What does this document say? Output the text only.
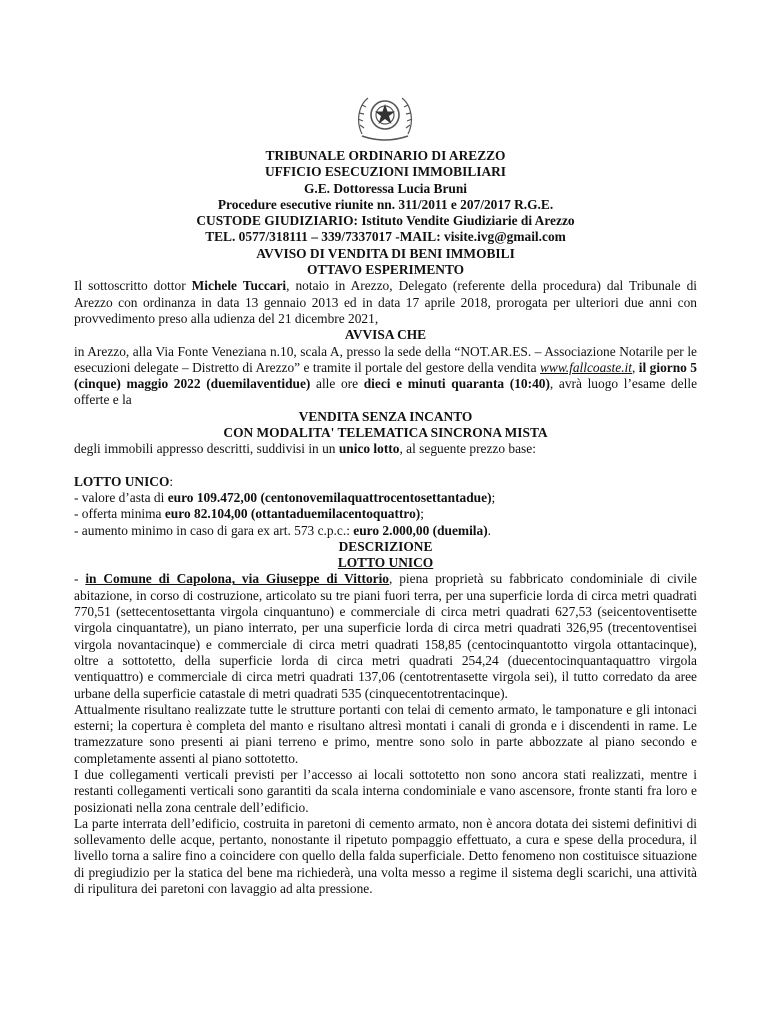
TRIBUNALE ORDINARIO DI AREZZO

UFFICIO ESECUZIONI IMMOBILIARI

G.E. Dottoressa Lucia Bruni

Procedure esecutive riunite nn. 311/2011 e 207/2017 R.G.E.

CUSTODE GIUDIZIARIO: Istituto Vendite Giudiziarie di Arezzo

TEL. 0577/318111 – 339/7337017 -MAIL: visite.ivg@gmail.com

AVVISO DI VENDITA DI BENI IMMOBILI

OTTAVO ESPERIMENTO

Il sottoscritto dottor Michele Tuccari, notaio in Arezzo, Delegato (referente della procedura) dal Tribunale di Arezzo con ordinanza in data 13 gennaio 2013 ed in data 17 aprile 2018, prorogata per ulteriori due anni con provvedimento preso alla udienza del 21 dicembre 2021,

AVVISA CHE

in Arezzo, alla Via Fonte Veneziana n.10, scala A, presso la sede della “NOT.AR.ES. – Associazione Notarile per le esecuzioni delegate – Distretto di Arezzo” e tramite il portale del gestore della vendita www.fallcoaste.it, il giorno 5 (cinque) maggio 2022 (duemilaventidue) alle ore dieci e minuti quaranta (10:40), avrà luogo l’esame delle offerte e la

VENDITA SENZA INCANTO

CON MODALITA' TELEMATICA SINCRONA MISTA

degli immobili appresso descritti, suddivisi in un unico lotto, al seguente prezzo base:

LOTTO UNICO:

- valore d’asta di euro 109.472,00 (centonovemilaquattrocentosettantadue);

- offerta minima euro 82.104,00 (ottantaduemilacentoquattro);

- aumento minimo in caso di gara ex art. 573 c.p.c.: euro 2.000,00 (duemila).

DESCRIZIONE

LOTTO UNICO

- in Comune di Capolona, via Giuseppe di Vittorio, piena proprietà su fabbricato condominiale di civile abitazione, in corso di costruzione, articolato su tre piani fuori terra, per una superficie lorda di circa metri quadrati 770,51 (settecentosettanta virgola cinquantuno) e commerciale di circa metri quadrati 627,53 (seicentoventisette virgola cinquantatre), un piano interrato, per una superficie lorda di circa metri quadrati 326,95 (trecentoventisei virgola novantacinque) e commerciale di circa metri quadrati 158,85 (centocinquantotto virgola ottantacinque), oltre a sottotetto, della superficie lorda di circa metri quadrati 254,24 (duecentocinquantaquattro virgola ventiquattro) e commerciale di circa metri quadrati 137,06 (centotrentasette virgola sei), il tutto corredato da aree urbane della superficie catastale di metri quadrati 535 (cinquecentotrentacinque).

Attualmente risultano realizzate tutte le strutture portanti con telai di cemento armato, le tamponature e gli intonaci esterni; la copertura è completa del manto e risultano altresì montati i canali di gronda e i discendenti in rame. Le tramezzature sono presenti ai piani terreno e primo, mentre sono solo in parte abbozzate al piano secondo e completamente assenti al piano sottotetto.

I due collegamenti verticali previsti per l’accesso ai locali sottotetto non sono ancora stati realizzati, mentre i restanti collegamenti verticali sono garantiti da scala interna condominiale e vano ascensore, fronte stanti fra loro e posizionati nella zona centrale dell’edificio.

La parte interrata dell’edificio, costruita in paretoni di cemento armato, non è ancora dotata dei sistemi definitivi di sollevamento delle acque, pertanto, nonostante il ripetuto pompaggio effettuato, a cura e spese della procedura, il livello torna a salire fino a coincidere con quello della falda superficiale. Detto fenomeno non costituisce situazione di pregiudizio per la statica del bene ma richiederà, una volta messo a regime il sistema degli scarichi, una attività di ripulitura dei paretoni con lavaggio ad alta pressione.
